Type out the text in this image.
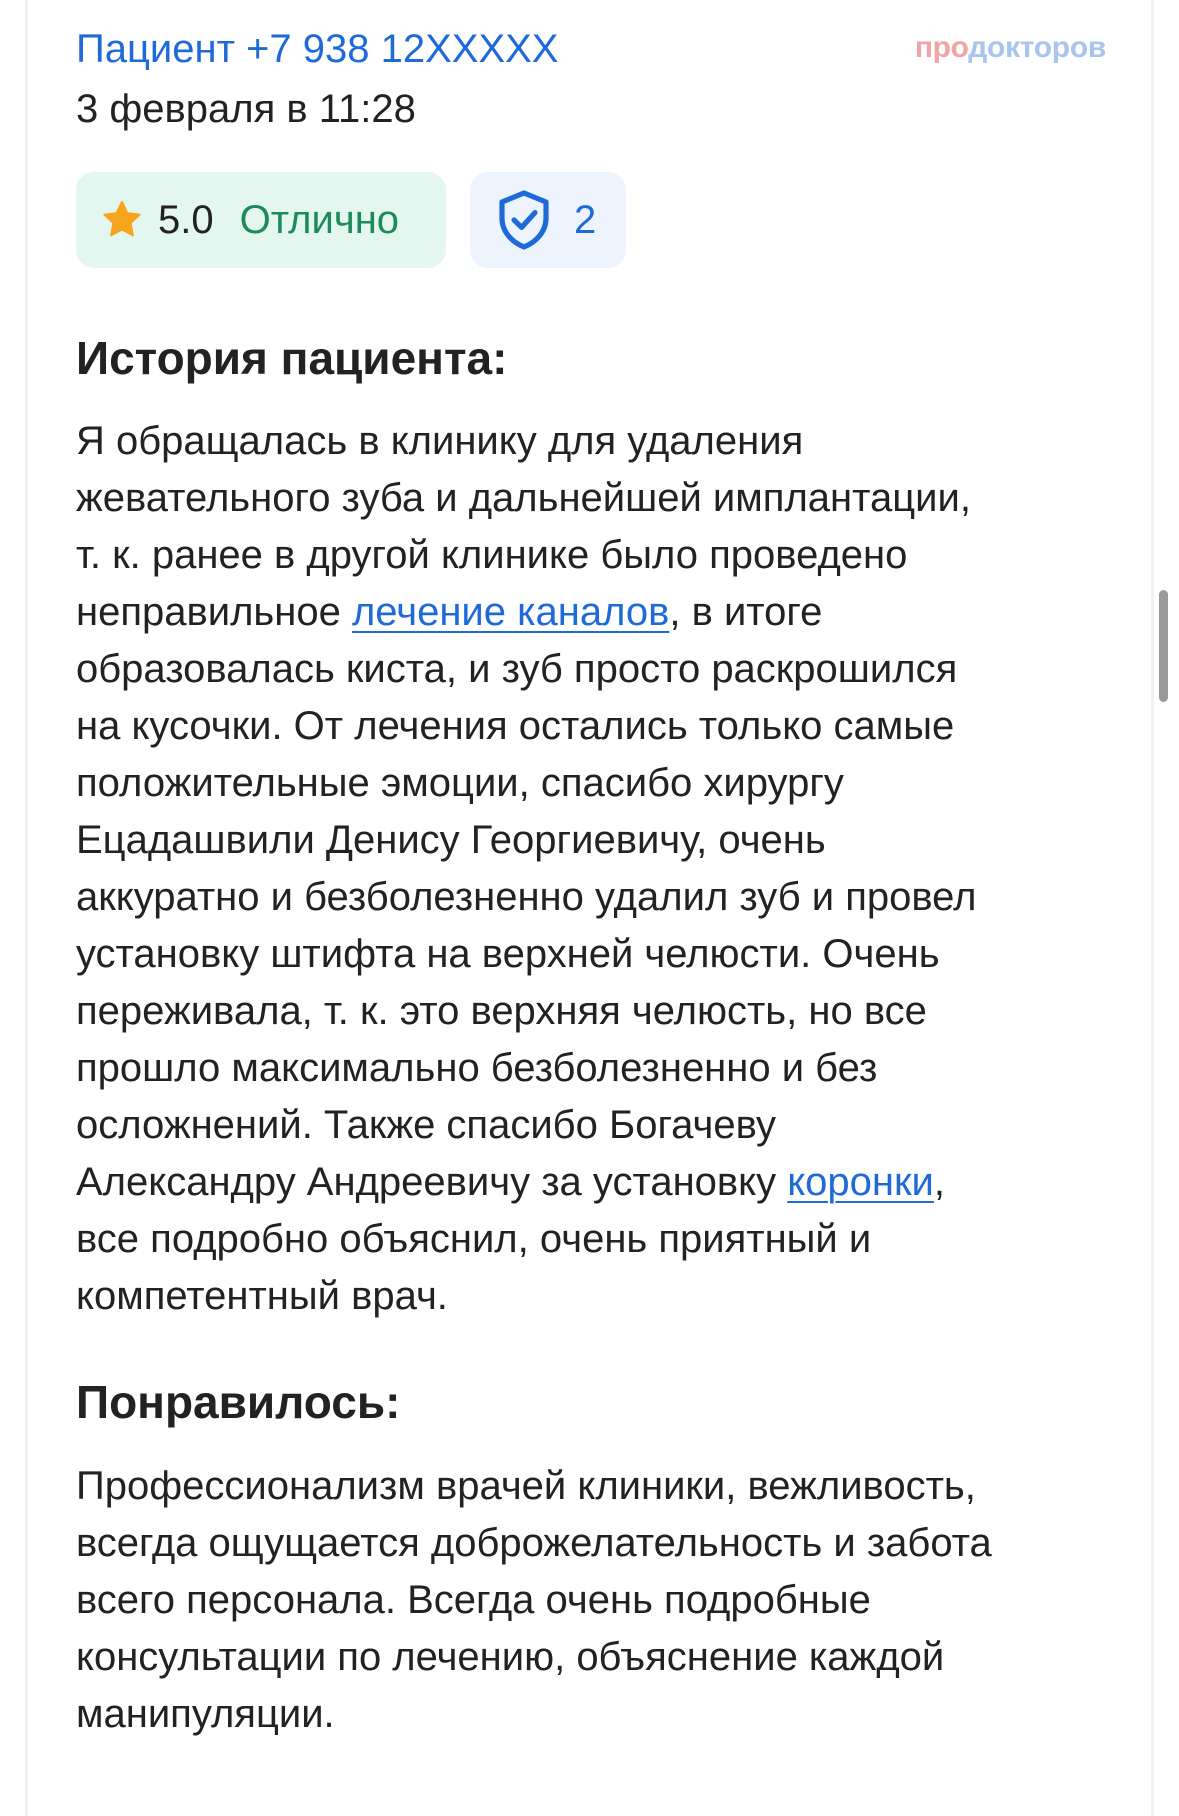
Пациент +7 938 12XXXXX	продокторов
3 февраля в 11:28
5.0 Отлично	2
История пациента:
Я обращалась в клинику для удаления
жевательного зуба и дальнейшей имплантации,
т. к. ранее в другой клинике было проведено
неправильное лечение каналов, в итоге
образовалась киста, и зуб просто раскрошился
на кусочки. От лечения остались только самые
положительные эмоции, спасибо хирургу
Ецадашвили Денису Георгиевичу, очень
аккуратно и безболезненно удалил зуб и провел
установку штифта на верхней челюсти. Очень
переживала, т. к. это верхняя челюсть, но все
прошло максимально безболезненно и без
осложнений. Также спасибо Богачеву
Александру Андреевичу за установку коронки,
все подробно объяснил, очень приятный и
компетентный врач.
Понравилось:
Профессионализм врачей клиники, вежливость,
всегда ощущается доброжелательность и забота
всего персонала. Всегда очень подробные
консультации по лечению, объяснение каждой
манипуляции.
